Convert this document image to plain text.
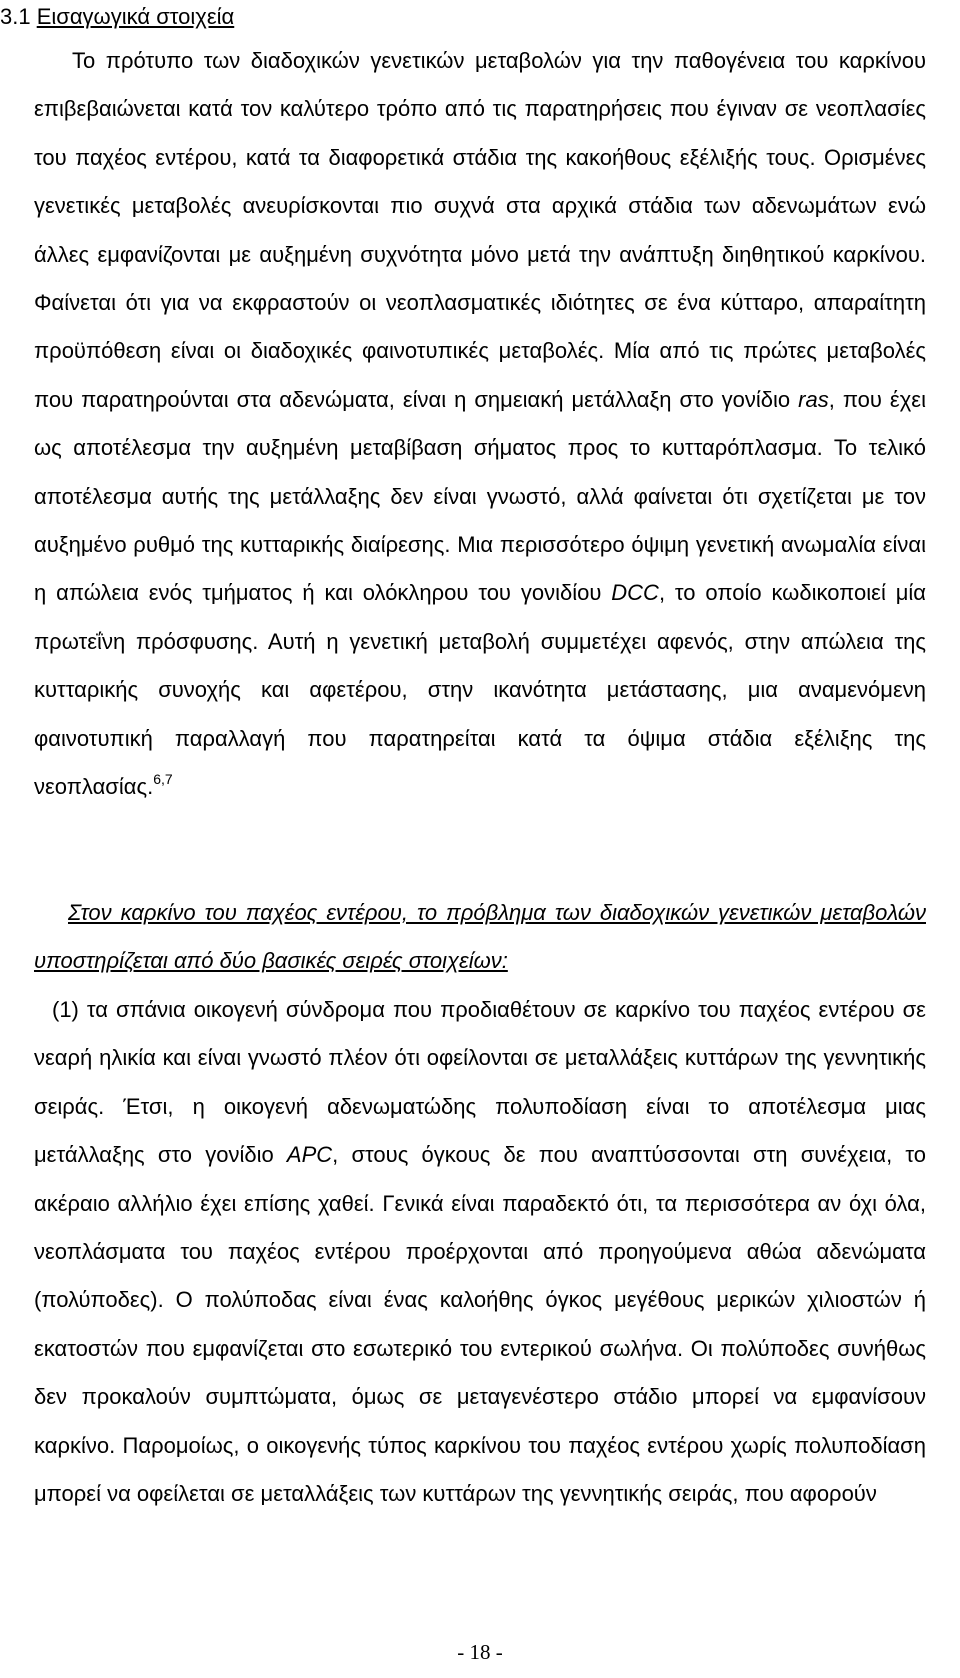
3.1 Εισαγωγικά στοιχεία

Το πρότυπο των διαδοχικών γενετικών μεταβολών για την παθογένεια του καρκίνου επιβεβαιώνεται κατά τον καλύτερο τρόπο από τις παρατηρήσεις που έγιναν σε νεοπλασίες του παχέος εντέρου, κατά τα διαφορετικά στάδια της κακοήθους εξέλιξής τους. Ορισμένες γενετικές μεταβολές ανευρίσκονται πιο συχνά στα αρχικά στάδια των αδενωμάτων ενώ άλλες εμφανίζονται με αυξημένη συχνότητα μόνο μετά την ανάπτυξη διηθητικού καρκίνου. Φαίνεται ότι για να εκφραστούν οι νεοπλασματικές ιδιότητες σε ένα κύτταρο, απαραίτητη προϋπόθεση είναι οι διαδοχικές φαινοτυπικές μεταβολές. Μία από τις πρώτες μεταβολές που παρατηρούνται στα αδενώματα, είναι η σημειακή μετάλλαξη στο γονίδιο ras, που έχει ως αποτέλεσμα την αυξημένη μεταβίβαση σήματος προς το κυτταρόπλασμα. Το τελικό αποτέλεσμα αυτής της μετάλλαξης δεν είναι γνωστό, αλλά φαίνεται ότι σχετίζεται με τον αυξημένο ρυθμό της κυτταρικής διαίρεσης. Μια περισσότερο όψιμη γενετική ανωμαλία είναι η απώλεια ενός τμήματος ή και ολόκληρου του γονιδίου DCC, το οποίο κωδικοποιεί μία πρωτεΐνη πρόσφυσης. Αυτή η γενετική μεταβολή συμμετέχει αφενός, στην απώλεια της κυτταρικής συνοχής και αφετέρου, στην ικανότητα μετάστασης, μια αναμενόμενη φαινοτυπική παραλλαγή που παρατηρείται κατά τα όψιμα στάδια εξέλιξης της νεοπλασίας.$^{6,7}$

Στον καρκίνο του παχέος εντέρου, το πρόβλημα των διαδοχικών γενετικών μεταβολών υποστηρίζεται από δύο βασικές σειρές στοιχείων:

(1) τα σπάνια οικογενή σύνδρομα που προδιαθέτουν σε καρκίνο του παχέος εντέρου σε νεαρή ηλικία και είναι γνωστό πλέον ότι οφείλονται σε μεταλλάξεις κυττάρων της γεννητικής σειράς. Έτσι, η οικογενή αδενωματώδης πολυποδίαση είναι το αποτέλεσμα μιας μετάλλαξης στο γονίδιο APC, στους όγκους δε που αναπτύσσονται στη συνέχεια, το ακέραιο αλλήλιο έχει επίσης χαθεί. Γενικά είναι παραδεκτό ότι, τα περισσότερα αν όχι όλα, νεοπλάσματα του παχέος εντέρου προέρχονται από προηγούμενα αθώα αδενώματα (πολύποδες). Ο πολύποδας είναι ένας καλοήθης όγκος μεγέθους μερικών χιλιοστών ή εκατοστών που εμφανίζεται στο εσωτερικό του εντερικού σωλήνα. Οι πολύποδες συνήθως δεν προκαλούν συμπτώματα, όμως σε μεταγενέστερο στάδιο μπορεί να εμφανίσουν καρκίνο. Παρομοίως, ο οικογενής τύπος καρκίνου του παχέος εντέρου χωρίς πολυποδίαση μπορεί να οφείλεται σε μεταλλάξεις των κυττάρων της γεννητικής σειράς, που αφορούν

- 18 -
